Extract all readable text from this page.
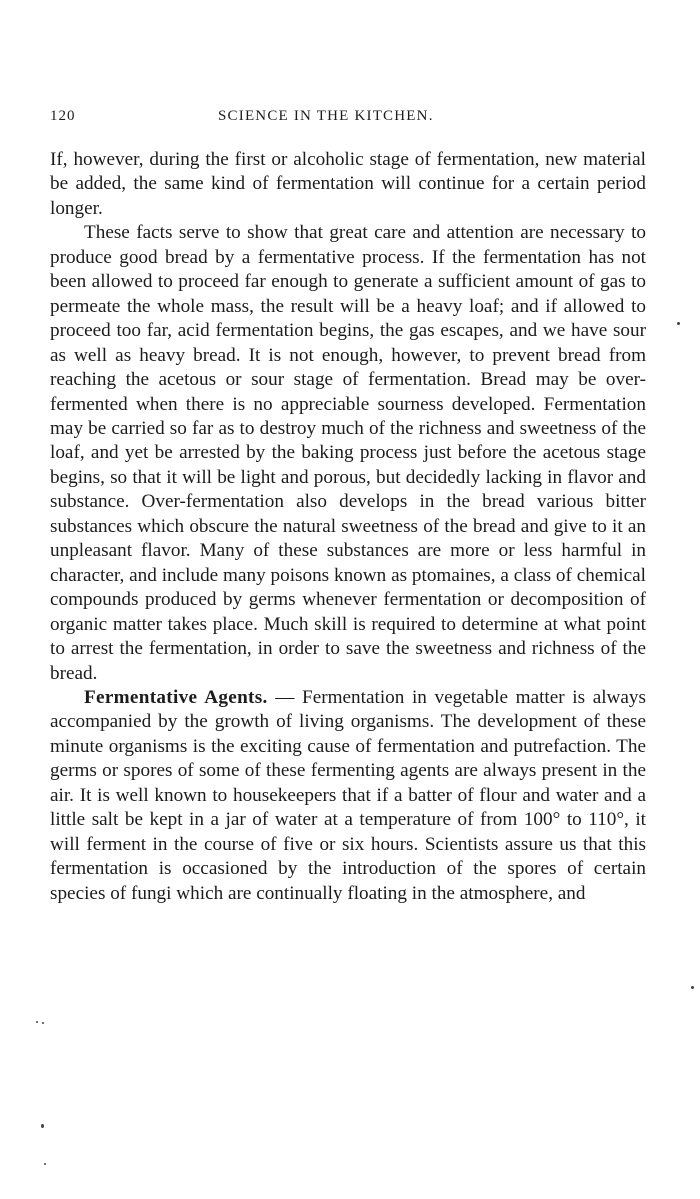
120	SCIENCE IN THE KITCHEN.

If, however, during the first or alcoholic stage of fermentation, new material be added, the same kind of fermentation will continue for a certain period longer.

These facts serve to show that great care and attention are necessary to produce good bread by a fermentative process. If the fermentation has not been allowed to proceed far enough to generate a sufficient amount of gas to permeate the whole mass, the result will be a heavy loaf; and if allowed to proceed too far, acid fermentation begins, the gas escapes, and we have sour as well as heavy bread. It is not enough, however, to prevent bread from reaching the acetous or sour stage of fermentation. Bread may be over-fermented when there is no appreciable sourness developed. Fermentation may be carried so far as to destroy much of the richness and sweetness of the loaf, and yet be arrested by the baking process just before the acetous stage begins, so that it will be light and porous, but decidedly lacking in flavor and substance. Over-fermentation also develops in the bread various bitter substances which obscure the natural sweetness of the bread and give to it an unpleasant flavor. Many of these substances are more or less harmful in character, and include many poisons known as ptomaines, a class of chemical compounds produced by germs whenever fermentation or decomposition of organic matter takes place. Much skill is required to determine at what point to arrest the fermentation, in order to save the sweetness and richness of the bread.

Fermentative Agents. — Fermentation in vegetable matter is always accompanied by the growth of living organisms. The development of these minute organisms is the exciting cause of fermentation and putrefaction. The germs or spores of some of these fermenting agents are always present in the air. It is well known to housekeepers that if a batter of flour and water and a little salt be kept in a jar of water at a temperature of from 100° to 110°, it will ferment in the course of five or six hours. Scientists assure us that this fermentation is occasioned by the introduction of the spores of certain species of fungi which are continually floating in the atmosphere, and
